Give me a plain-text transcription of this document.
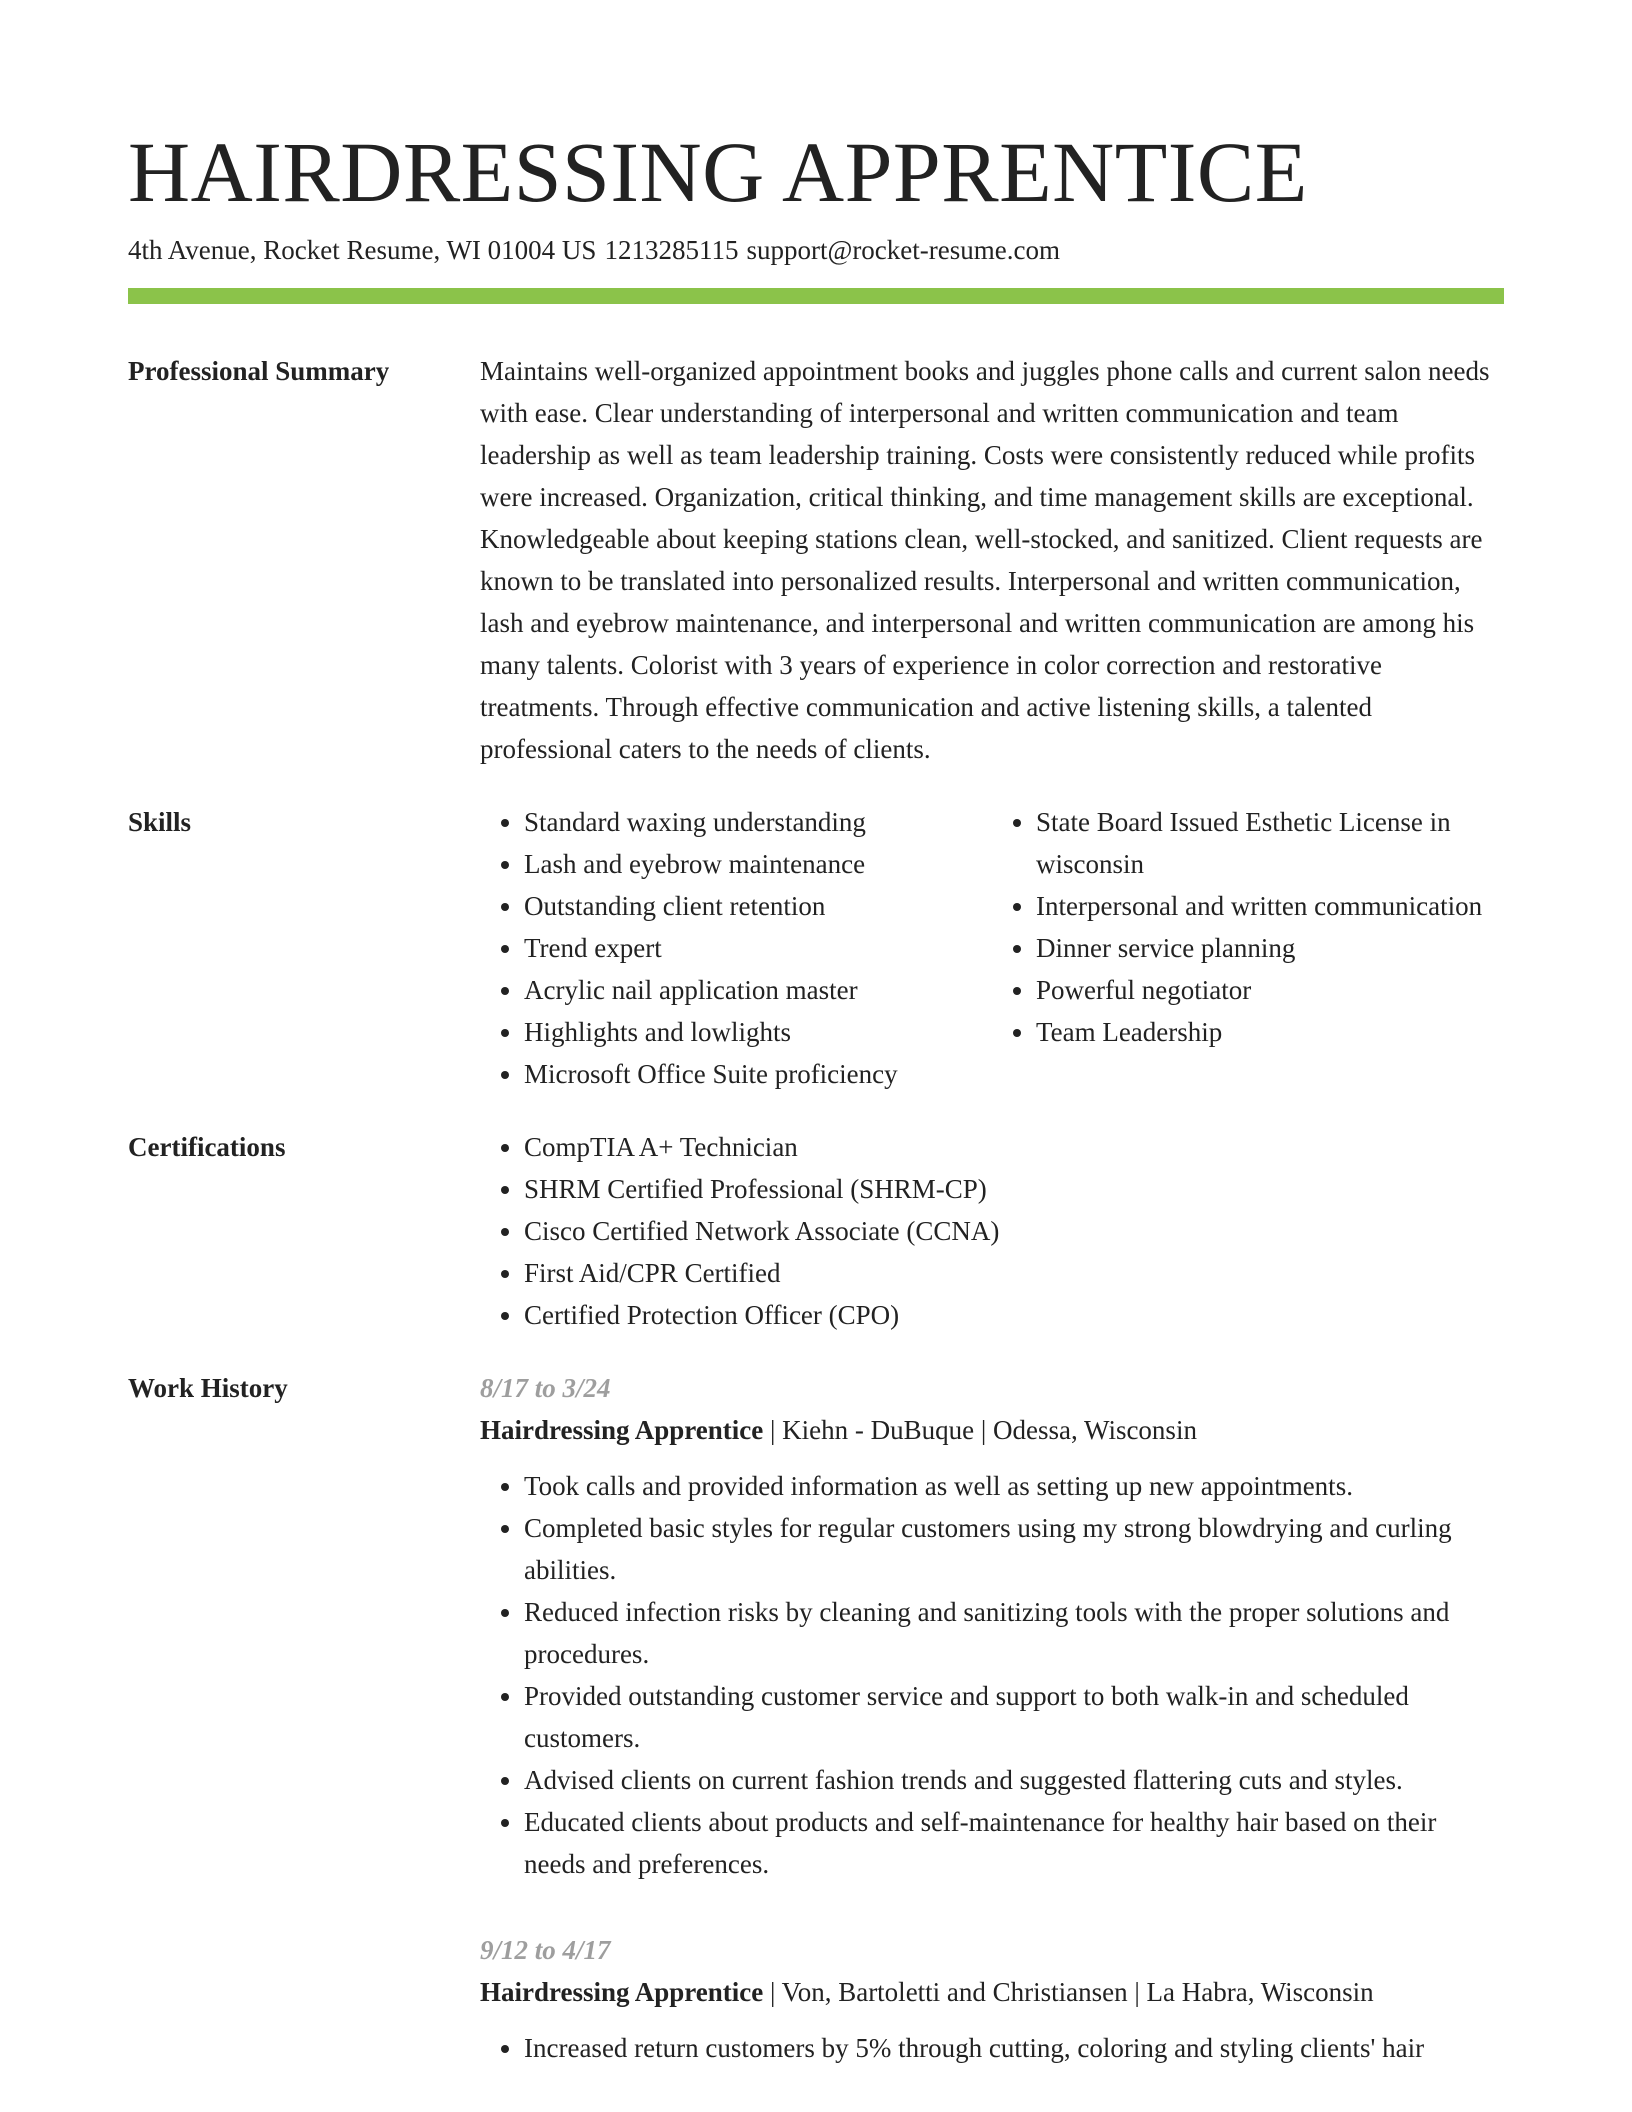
HAIRDRESSING APPRENTICE
4th Avenue, Rocket Resume, WI 01004 US 1213285115 support@rocket-resume.com
Professional Summary	Maintains well-organized appointment books and juggles phone calls and current salon needs with ease. Clear understanding of interpersonal and written communication and team leadership as well as team leadership training. Costs were consistently reduced while profits were increased. Organization, critical thinking, and time management skills are exceptional. Knowledgeable about keeping stations clean, well-stocked, and sanitized. Client requests are known to be translated into personalized results. Interpersonal and written communication, lash and eyebrow maintenance, and interpersonal and written communication are among his many talents. Colorist with 3 years of experience in color correction and restorative treatments. Through effective communication and active listening skills, a talented professional caters to the needs of clients.

Skills	• Standard waxing understanding
• Lash and eyebrow maintenance
• Outstanding client retention
• Trend expert
• Acrylic nail application master
• Highlights and lowlights
• Microsoft Office Suite proficiency
• State Board Issued Esthetic License in wisconsin
• Interpersonal and written communication
• Dinner service planning
• Powerful negotiator
• Team Leadership
Certifications	• CompTIA A+ Technician
• SHRM Certified Professional (SHRM-CP)
• Cisco Certified Network Associate (CCNA)
• First Aid/CPR Certified
• Certified Protection Officer (CPO)
Work History	8/17 to 3/24
Hairdressing Apprentice | Kiehn - DuBuque | Odessa, Wisconsin
• Took calls and provided information as well as setting up new appointments.
• Completed basic styles for regular customers using my strong blowdrying and curling abilities.
• Reduced infection risks by cleaning and sanitizing tools with the proper solutions and procedures.
• Provided outstanding customer service and support to both walk-in and scheduled customers.
• Advised clients on current fashion trends and suggested flattering cuts and styles.
• Educated clients about products and self-maintenance for healthy hair based on their needs and preferences.
9/12 to 4/17
Hairdressing Apprentice | Von, Bartoletti and Christiansen | La Habra, Wisconsin
• Increased return customers by 5% through cutting, coloring and styling clients' hair
